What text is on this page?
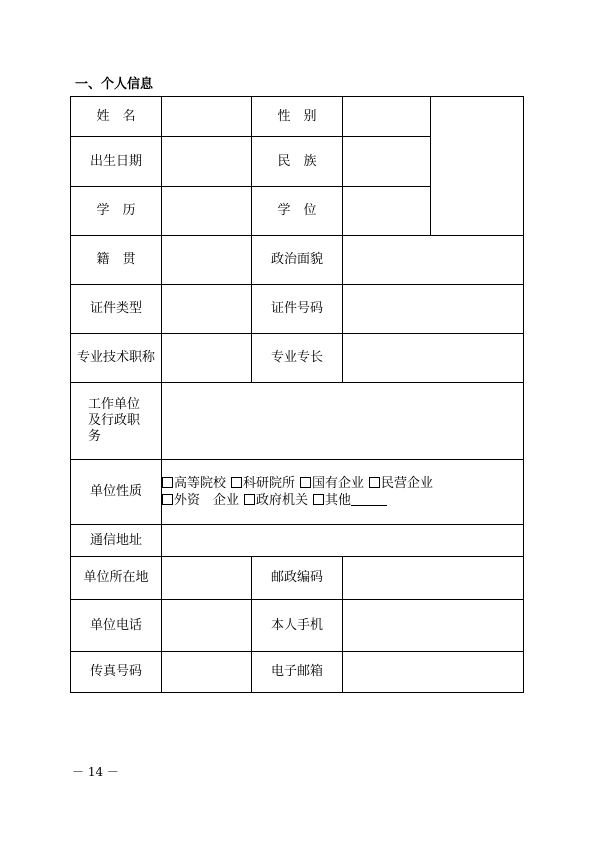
一、个人信息
姓　名		性　别		
出生日期		民　族		
学　历		学　位		
籍　贯		政治面貌		
证件类型		证件号码		
专业技术职称		专业专长		

工作单位及行政职务				

单位性质	高等院校 科研院所 国有企业 民营企业
外资　企业 政府机关 其他			

通信地址				
单位所在地		邮政编码		
单位电话		本人手机		
传真号码		电子邮箱		
－ 14 －
